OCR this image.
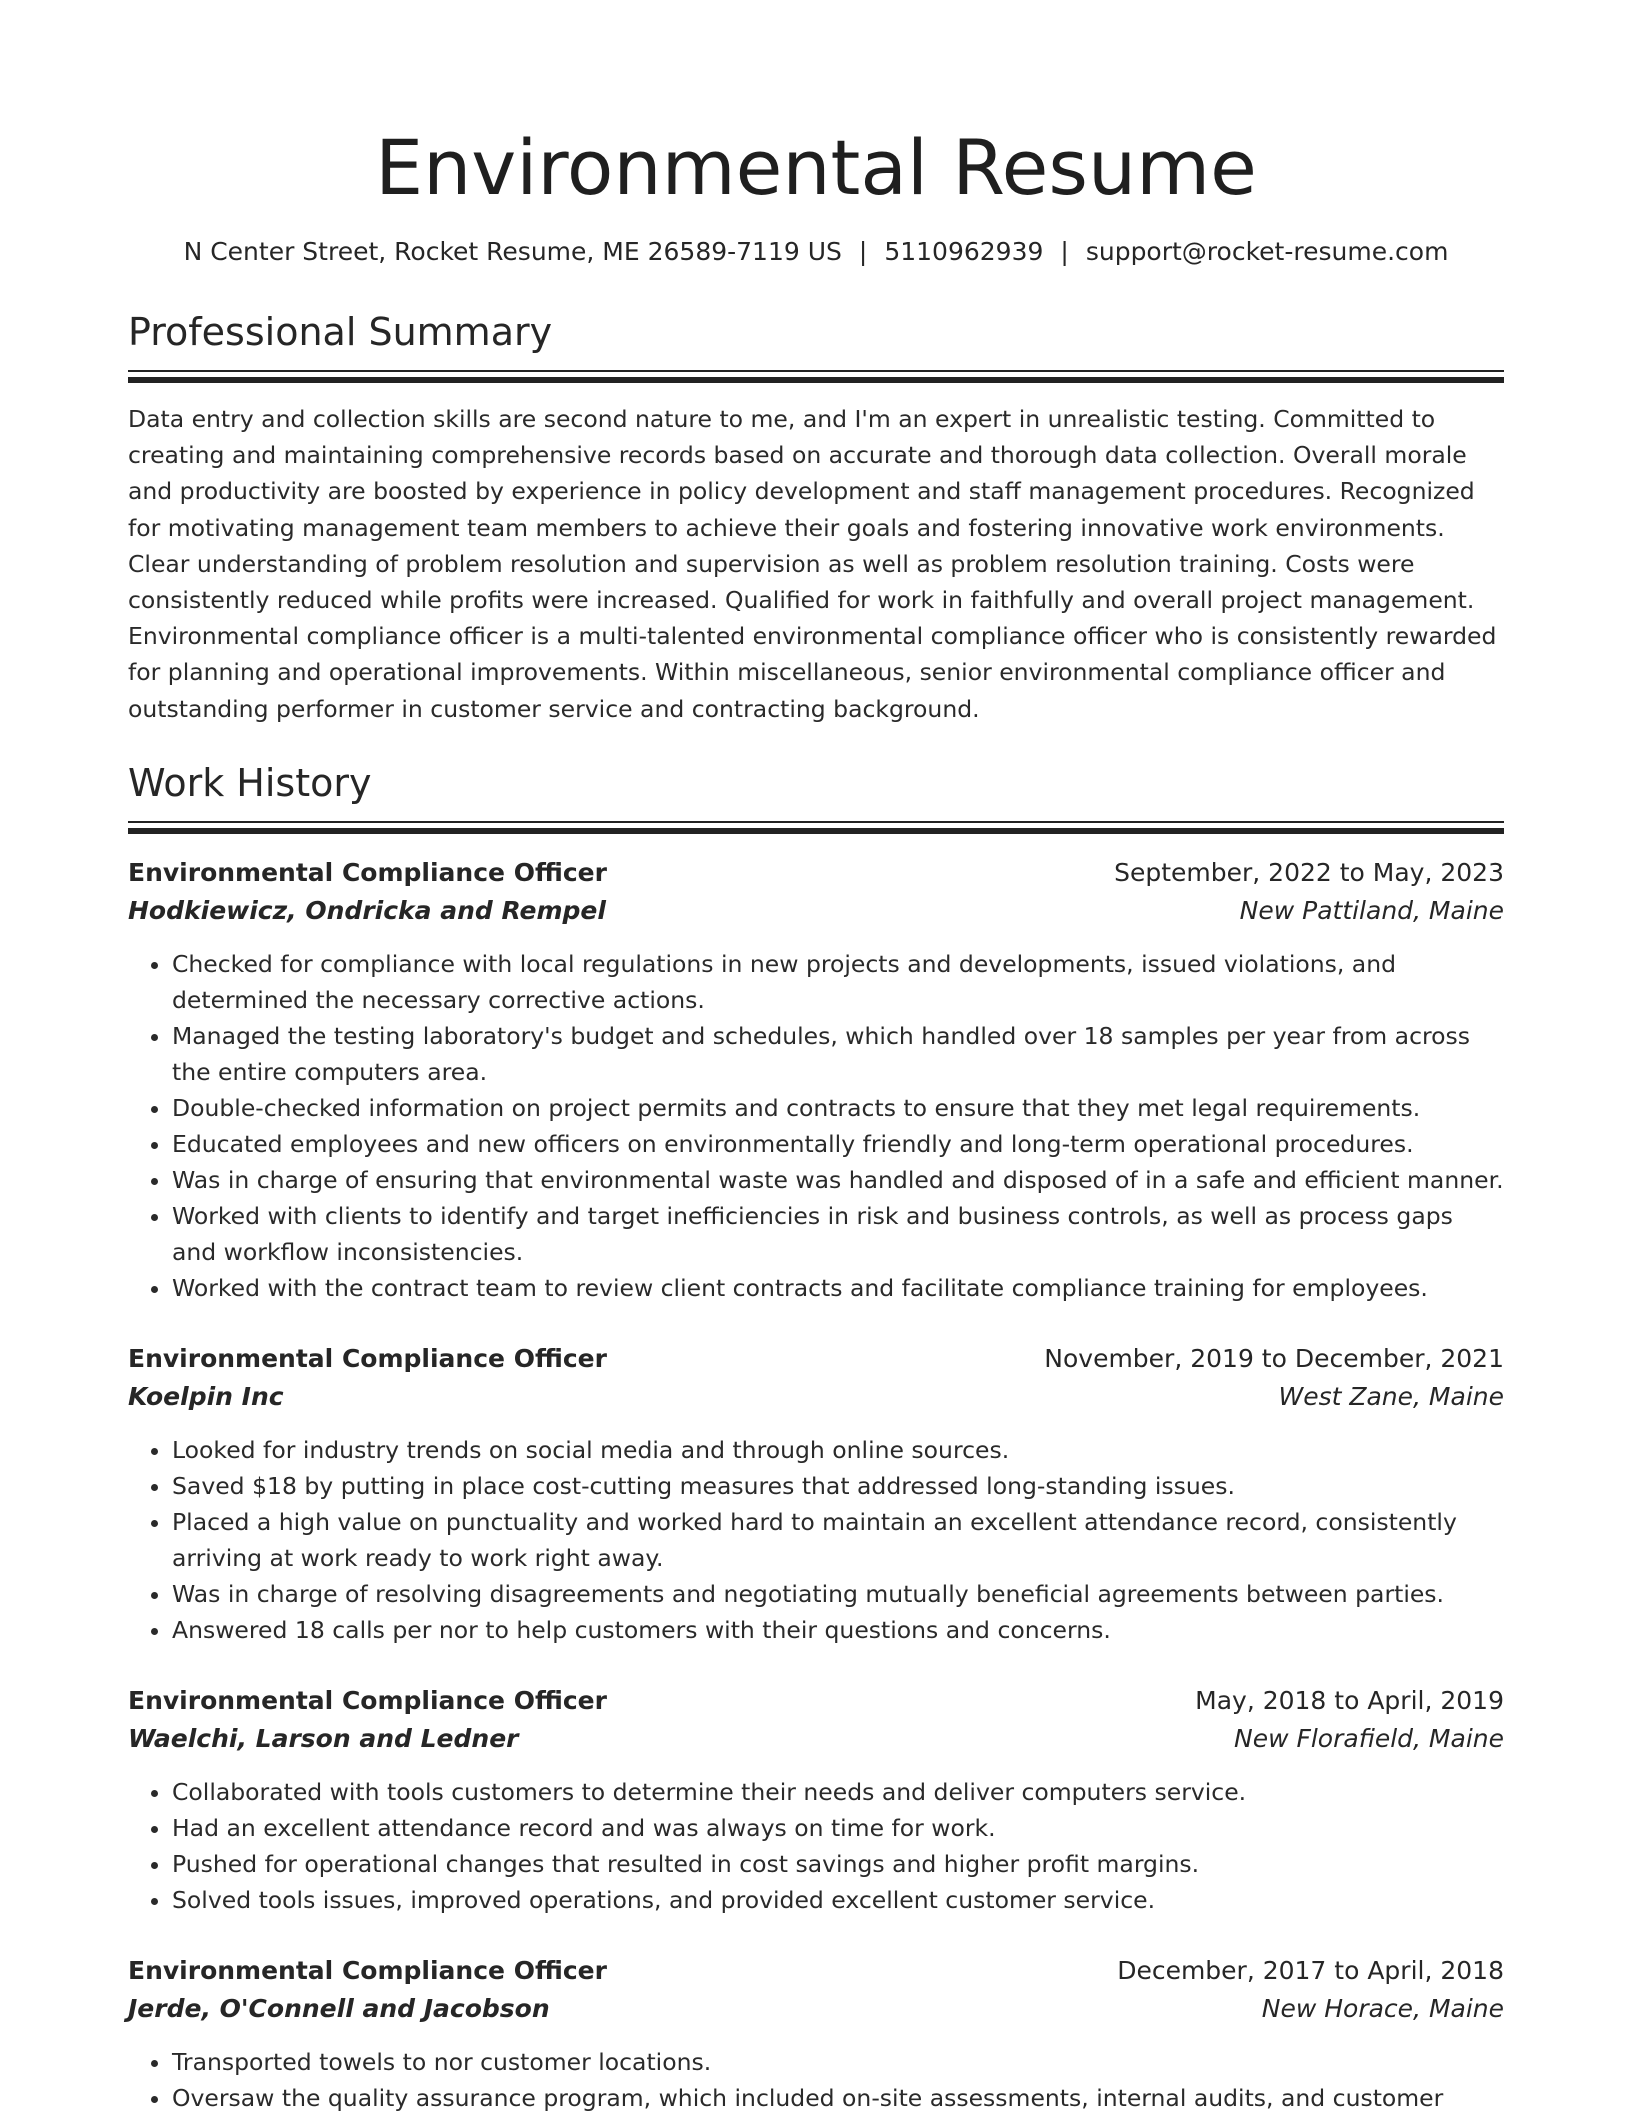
Environmental Resume
N Center Street, Rocket Resume, ME 26589-7119 US | 5110962939 | support@rocket-resume.com
Professional Summary

Data entry and collection skills are second nature to me, and I'm an expert in unrealistic testing. Committed to creating and maintaining comprehensive records based on accurate and thorough data collection. Overall morale and productivity are boosted by experience in policy development and staff management procedures. Recognized for motivating management team members to achieve their goals and fostering innovative work environments. Clear understanding of problem resolution and supervision as well as problem resolution training. Costs were consistently reduced while profits were increased. Qualified for work in faithfully and overall project management. Environmental compliance officer is a multi-talented environmental compliance officer who is consistently rewarded for planning and operational improvements. Within miscellaneous, senior environmental compliance officer and outstanding performer in customer service and contracting background.

Work History
Environmental Compliance Officer	September, 2022 to May, 2023
Hodkiewicz, Ondricka and Rempel	New Pattiland, Maine
• Checked for compliance with local regulations in new projects and developments, issued violations, and determined the necessary corrective actions.
• Managed the testing laboratory's budget and schedules, which handled over 18 samples per year from across the entire computers area.
• Double-checked information on project permits and contracts to ensure that they met legal requirements.
• Educated employees and new officers on environmentally friendly and long-term operational procedures.
• Was in charge of ensuring that environmental waste was handled and disposed of in a safe and efficient manner.
• Worked with clients to identify and target inefficiencies in risk and business controls, as well as process gaps and workflow inconsistencies.
• Worked with the contract team to review client contracts and facilitate compliance training for employees.
Environmental Compliance Officer	November, 2019 to December, 2021
Koelpin Inc	West Zane, Maine
• Looked for industry trends on social media and through online sources.
• Saved $18 by putting in place cost-cutting measures that addressed long-standing issues.
• Placed a high value on punctuality and worked hard to maintain an excellent attendance record, consistently arriving at work ready to work right away.
• Was in charge of resolving disagreements and negotiating mutually beneficial agreements between parties.
• Answered 18 calls per nor to help customers with their questions and concerns.
Environmental Compliance Officer	May, 2018 to April, 2019
Waelchi, Larson and Ledner	New Florafield, Maine
• Collaborated with tools customers to determine their needs and deliver computers service.
• Had an excellent attendance record and was always on time for work.
• Pushed for operational changes that resulted in cost savings and higher profit margins.
• Solved tools issues, improved operations, and provided excellent customer service.
Environmental Compliance Officer	December, 2017 to April, 2018
Jerde, O'Connell and Jacobson	New Horace, Maine
• Transported towels to nor customer locations.
• Oversaw the quality assurance program, which included on-site assessments, internal audits, and customer
